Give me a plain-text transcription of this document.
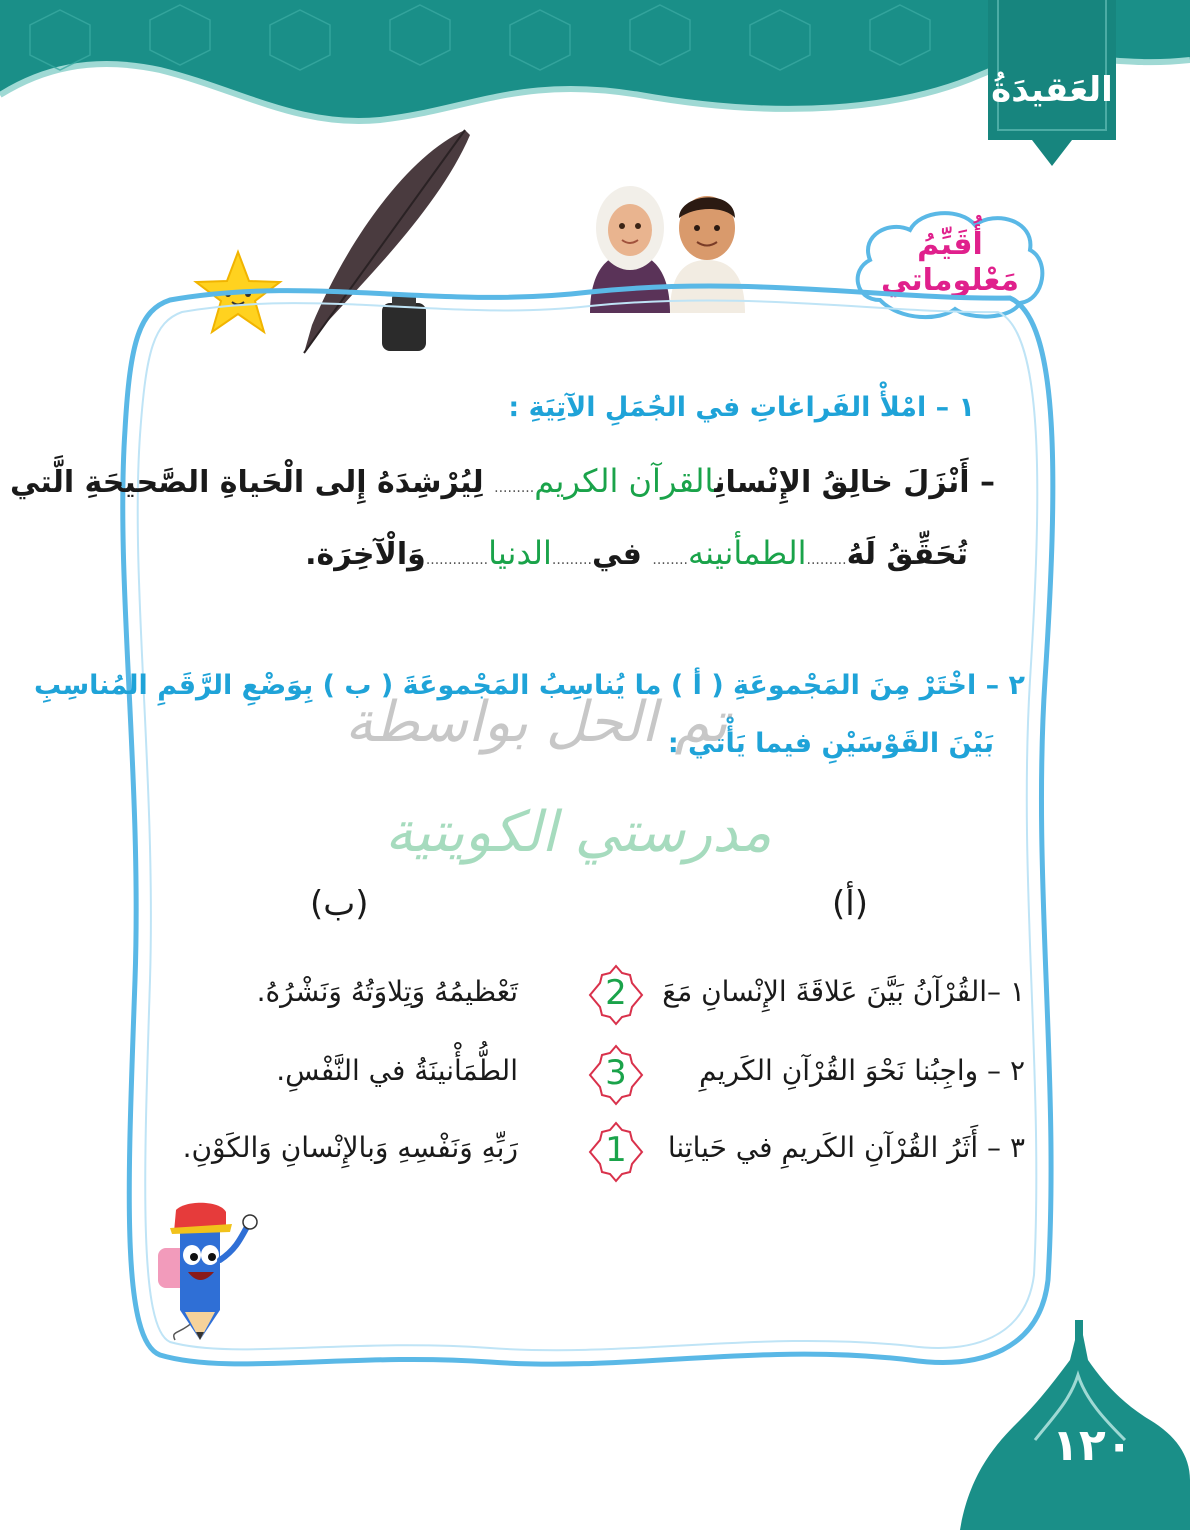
العَقيدَةُ
أُقَيِّمُ
مَعْلوماتي
١ – امْلأْ الفَراغاتِ في الجُمَلِ الآتِيَةِ :
– أَنْزَلَ خالِقُ الإِنْسانِالقرآن الكريم......... لِيُرْشِدَهُ إِلى الْحَياةِ الصَّحيحَةِ الَّتي
تُحَقِّقُ لَهُ.........الطمأنينه........ في.........الدنيا..............وَالْآخِرَة.
٢ – اخْتَرْ مِنَ المَجْموعَةِ ( أ ) ما يُناسِبُ المَجْموعَةَ ( ب ) بِوَضْعِ الرَّقَمِ المُناسِبِ
بَيْنَ القَوْسَيْنِ فيما يَأْتي :
تم الحل بواسطة
مدرستي الكويتية
(أ)
(ب)
١ –القُرْآنُ بَيَّنَ عَلاقَةَ الإِنْسانِ مَعَ
٢ – واجِبُنا نَحْوَ القُرْآنِ الكَريمِ
٣ – أَثَرُ القُرْآنِ الكَريمِ في حَياتِنا
2
3
1
تَعْظيمُهُ وَتِلاوَتُهُ وَنَشْرُهُ.
الطُّمَأْنينَةُ في النَّفْسِ.
رَبِّهِ وَنَفْسِهِ وَبالإِنْسانِ وَالكَوْنِ.
١٢٠
